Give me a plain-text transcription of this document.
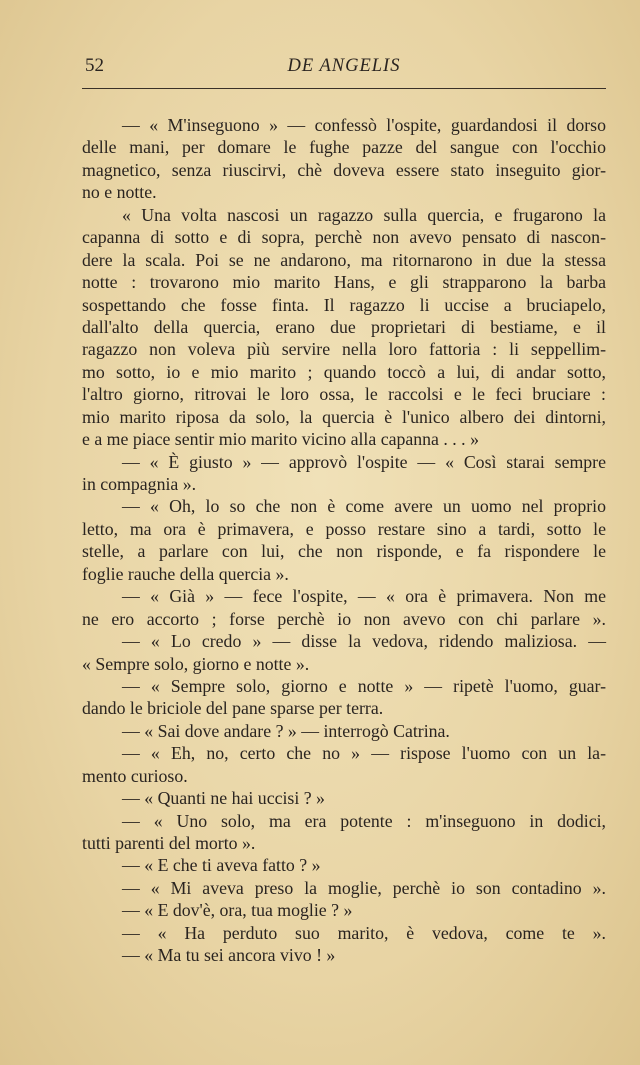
52	DE ANGELIS
— « M'inseguono » — confessò l'ospite, guardandosi il dorso
delle mani, per domare le fughe pazze del sangue con l'occhio
magnetico, senza riuscirvi, chè doveva essere stato inseguito gior-
no e notte.
« Una volta nascosi un ragazzo sulla quercia, e frugarono la
capanna di sotto e di sopra, perchè non avevo pensato di nascon-
dere la scala. Poi se ne andarono, ma ritornarono in due la stessa
notte : trovarono mio marito Hans, e gli strapparono la barba
sospettando che fosse finta. Il ragazzo li uccise a bruciapelo,
dall'alto della quercia, erano due proprietari di bestiame, e il
ragazzo non voleva più servire nella loro fattoria : li seppellim-
mo sotto, io e mio marito ; quando toccò a lui, di andar sotto,
l'altro giorno, ritrovai le loro ossa, le raccolsi e le feci bruciare :
mio marito riposa da solo, la quercia è l'unico albero dei dintorni,
e a me piace sentir mio marito vicino alla capanna . . . »
— « È giusto » — approvò l'ospite — « Così starai sempre
in compagnia ».
— « Oh, lo so che non è come avere un uomo nel proprio
letto, ma ora è primavera, e posso restare sino a tardi, sotto le
stelle, a parlare con lui, che non risponde, e fa rispondere le
foglie rauche della quercia ».
— « Già » — fece l'ospite, — « ora è primavera. Non me
ne ero accorto ; forse perchè io non avevo con chi parlare ».
— « Lo credo » — disse la vedova, ridendo maliziosa. —
« Sempre solo, giorno e notte ».
— « Sempre solo, giorno e notte » — ripetè l'uomo, guar-
dando le briciole del pane sparse per terra.
— « Sai dove andare ? » — interrogò Catrina.
— « Eh, no, certo che no » — rispose l'uomo con un la-
mento curioso.
— « Quanti ne hai uccisi ? »
— « Uno solo, ma era potente : m'inseguono in dodici,
tutti parenti del morto ».
— « E che ti aveva fatto ? »
— « Mi aveva preso la moglie, perchè io son contadino ».
— « E dov'è, ora, tua moglie ? »
— « Ha perduto suo marito, è vedova, come te ».
— « Ma tu sei ancora vivo ! »
